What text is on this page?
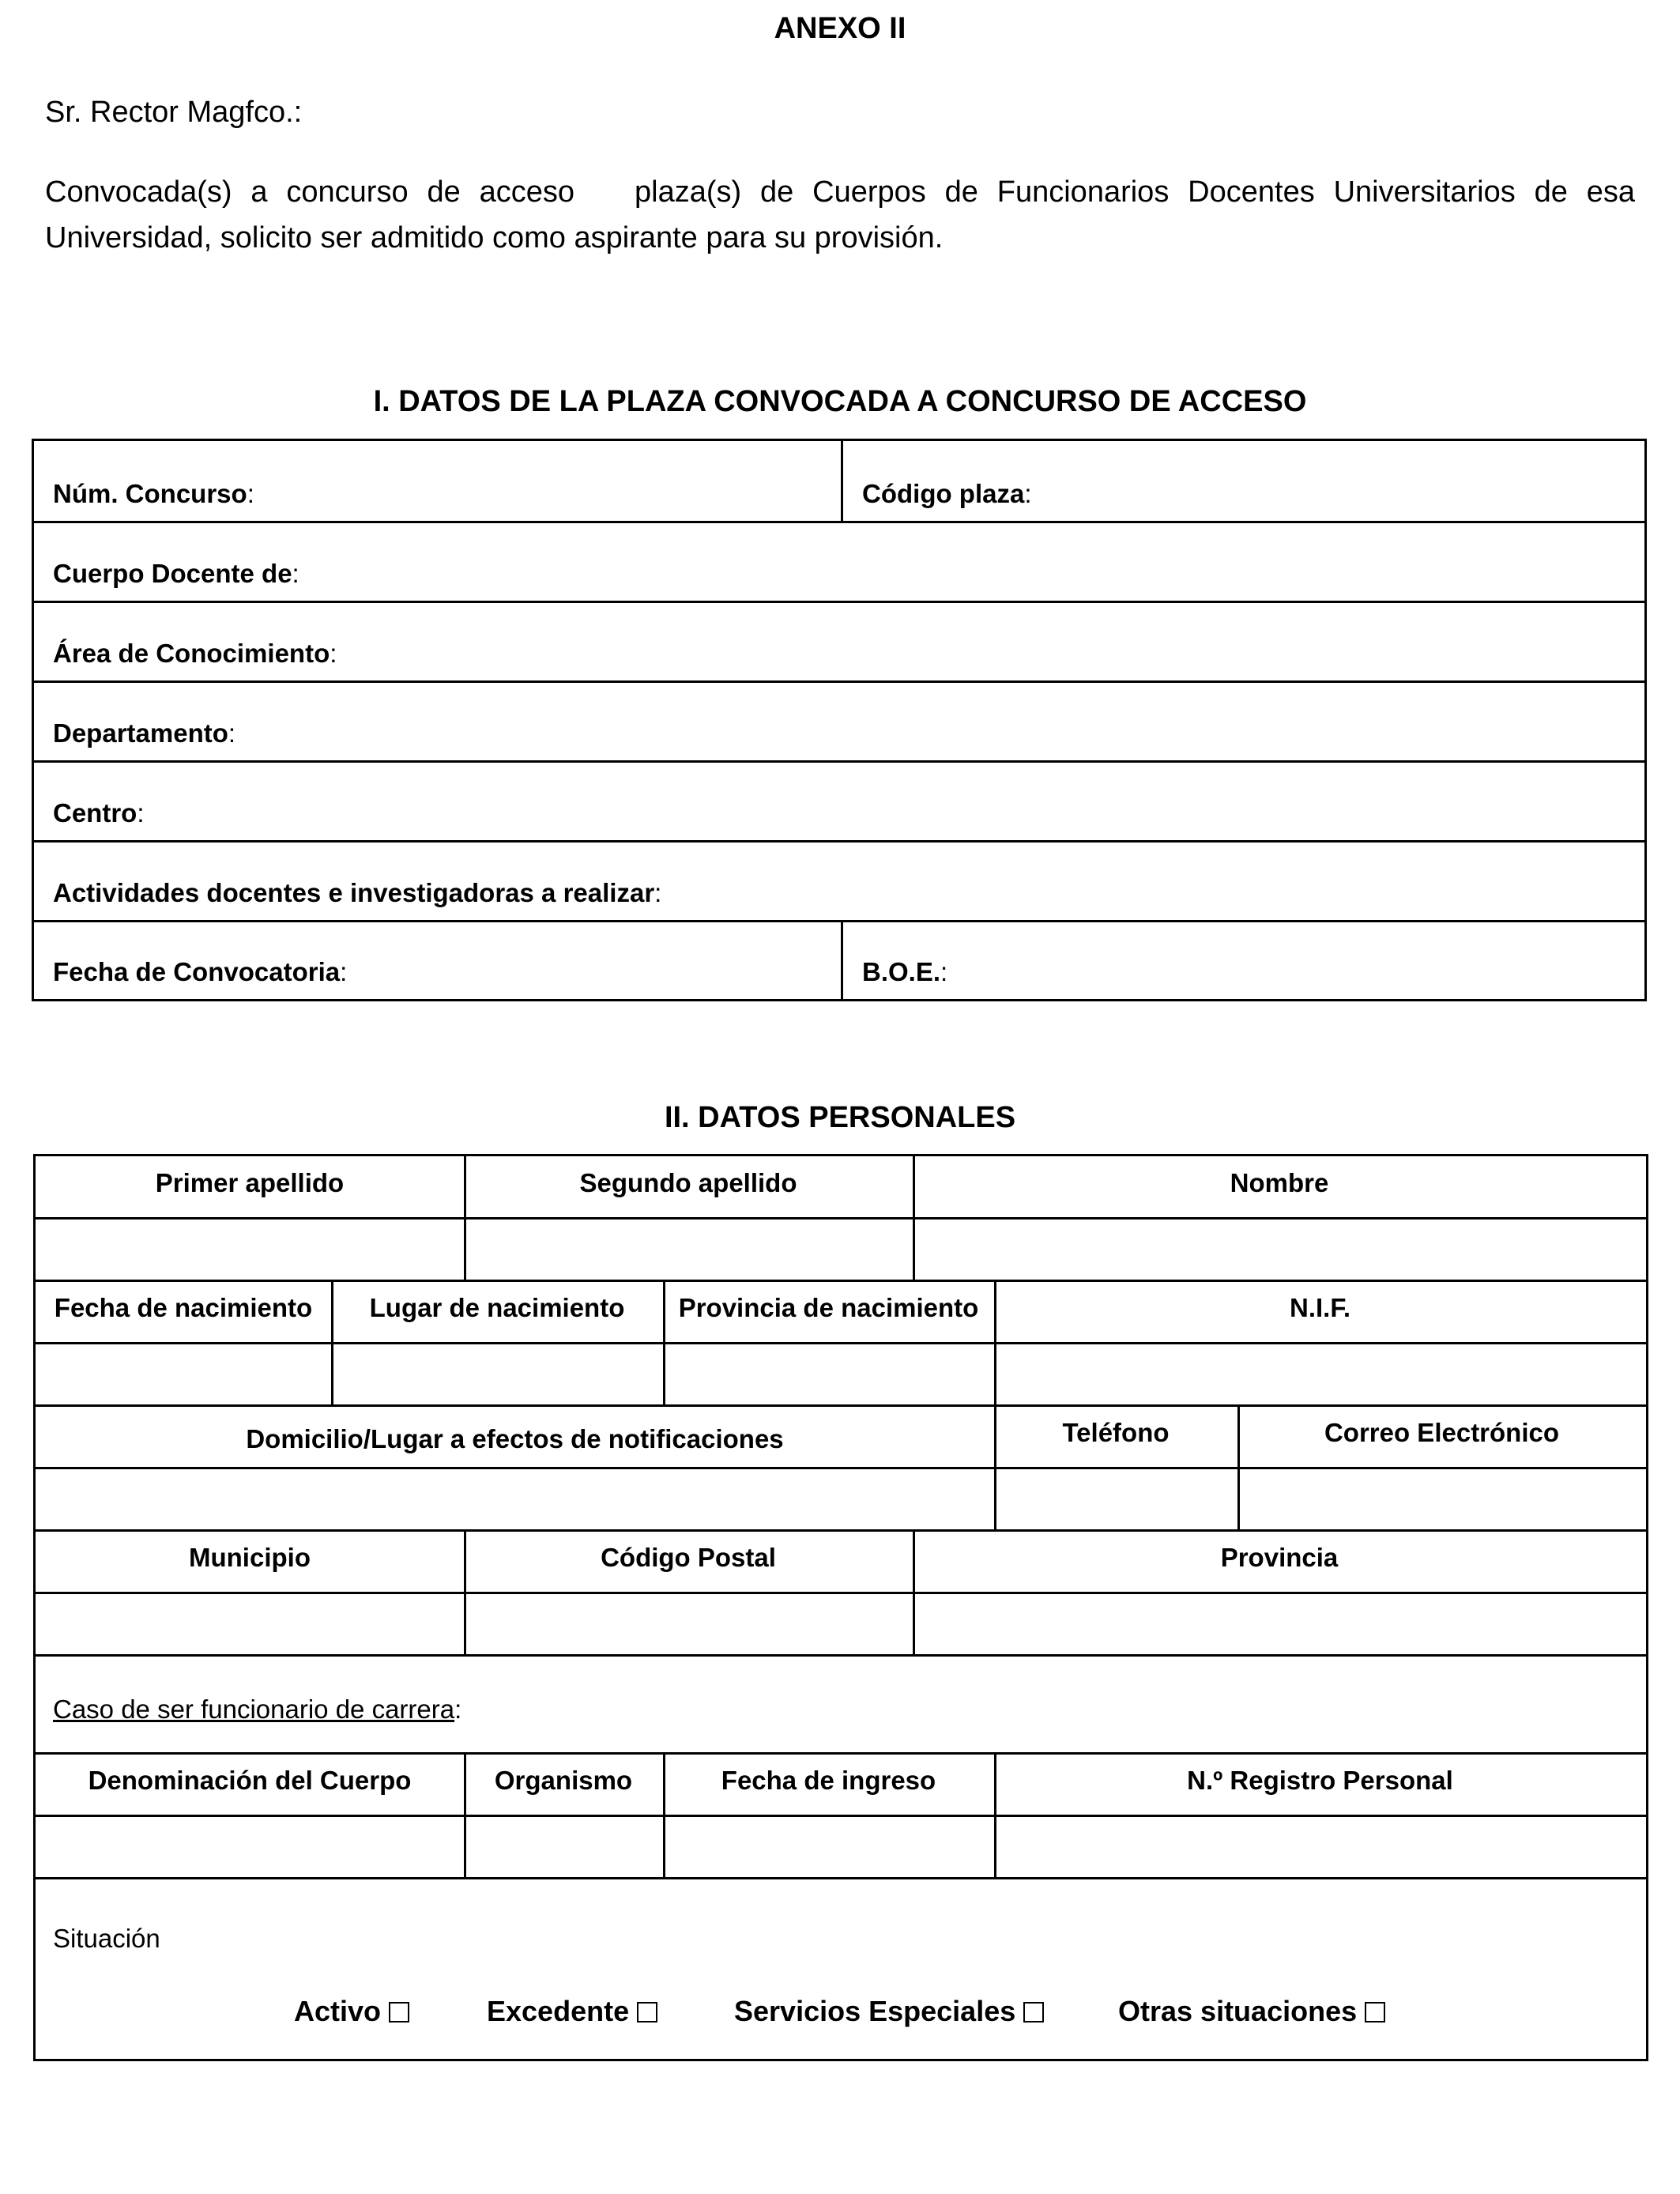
ANEXO II
Sr. Rector Magfco.:
Convocada(s) a concurso de acceso plaza(s) de Cuerpos de Funcionarios Docentes Universitarios de esa Universidad, solicito ser admitido como aspirante para su provisión.
I. DATOS DE LA PLAZA CONVOCADA A CONCURSO DE ACCESO
Núm. Concurso:	Código plaza:
Cuerpo Docente de:
Área de Conocimiento:
Departamento:
Centro:
Actividades docentes e investigadoras a realizar:
Fecha de Convocatoria:	B.O.E.:
II. DATOS PERSONALES
Primer apellido	Segundo apellido	Nombre
Fecha de nacimiento	Lugar de nacimiento	Provincia de nacimiento	N.I.F.
Domicilio/Lugar a efectos de notificaciones	Teléfono	Correo Electrónico
Municipio	Código Postal	Provincia
Caso de ser funcionario de carrera:
Denominación del Cuerpo	Organismo	Fecha de ingreso	N.º Registro Personal
Situación
Activo	Excedente	Servicios Especiales	Otras situaciones
